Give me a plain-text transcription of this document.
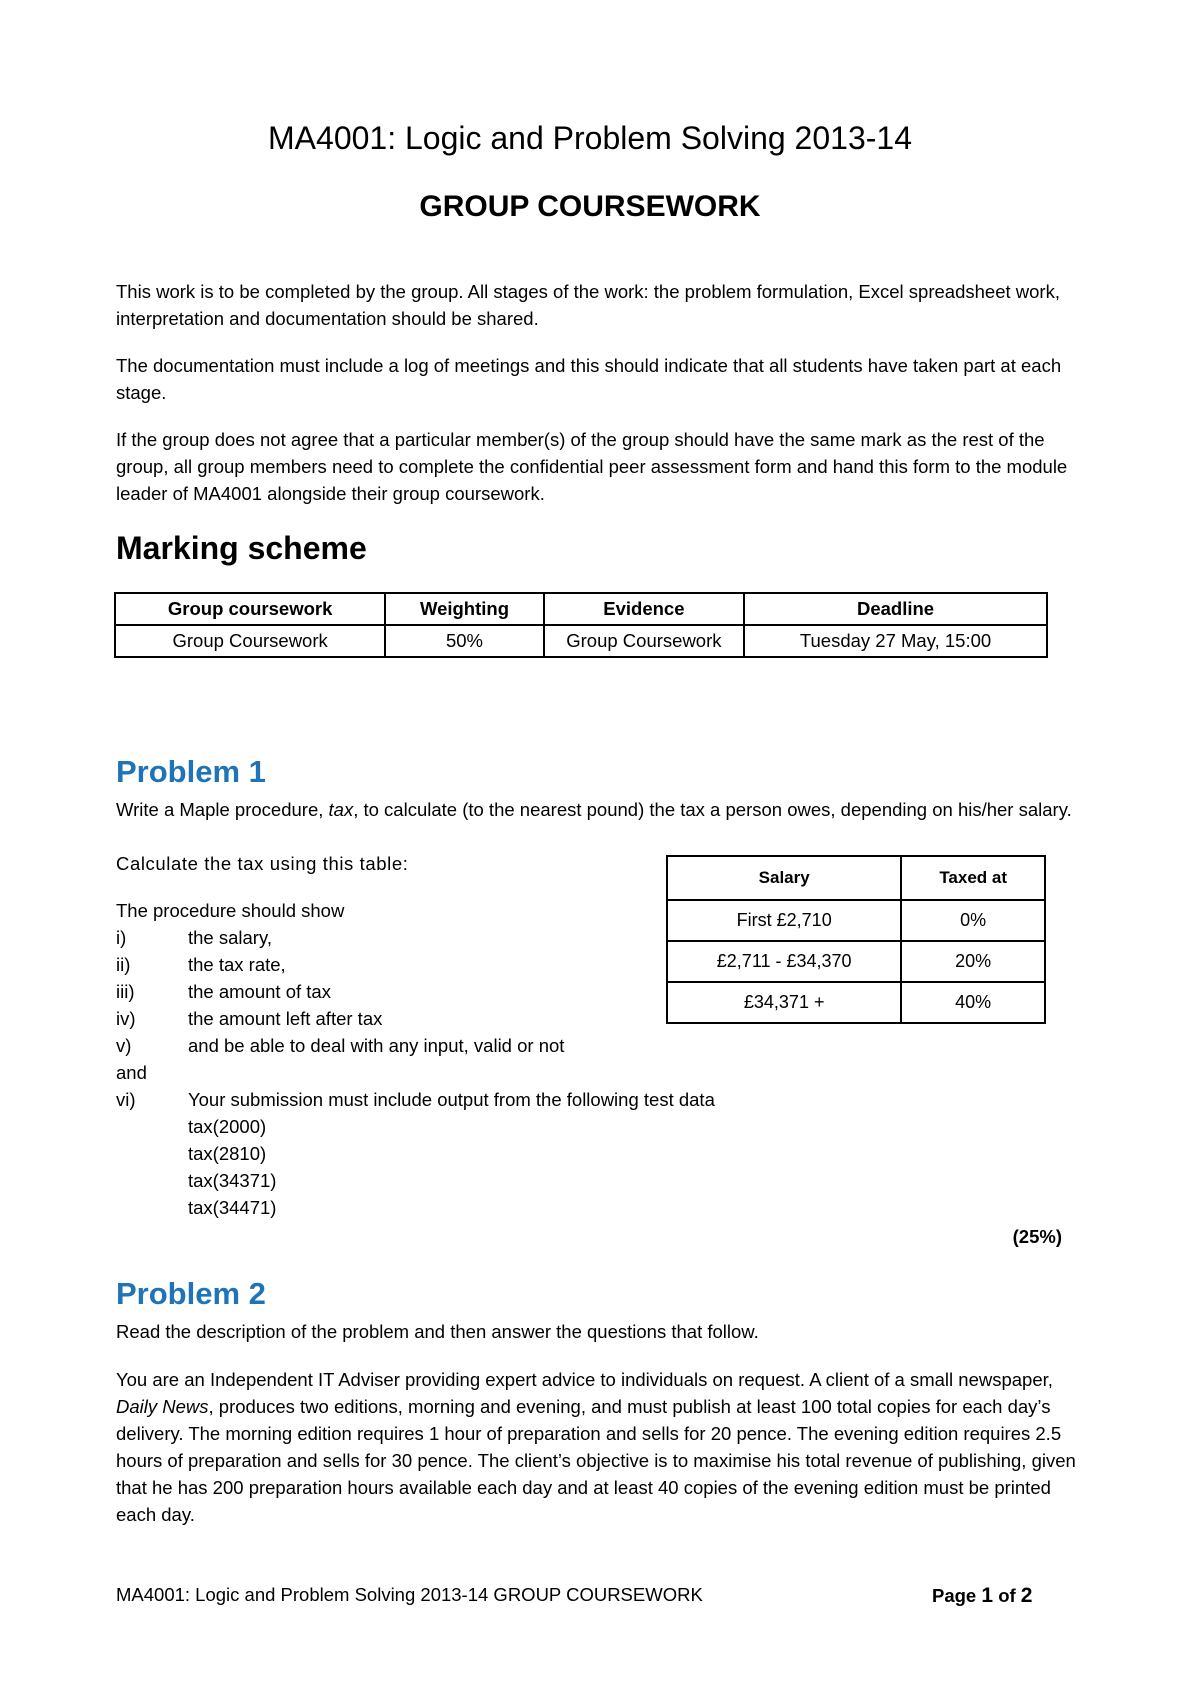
MA4001: Logic and Problem Solving 2013-14
GROUP COURSEWORK
This work is to be completed by the group. All stages of the work: the problem formulation, Excel spreadsheet work, interpretation and documentation should be shared.
The documentation must include a log of meetings and this should indicate that all students have taken part at each stage.
If the group does not agree that a particular member(s) of the group should have the same mark as the rest of the group, all group members need to complete the confidential peer assessment form and hand this form to the module leader of MA4001 alongside their group coursework.
Marking scheme
Group coursework	Weighting	Evidence	Deadline
Group Coursework	50%	Group Coursework	Tuesday 27 May, 15:00
Problem 1
Write a Maple procedure, tax, to calculate (to the nearest pound) the tax a person owes, depending on his/her salary.
Calculate the tax using this table:
The procedure should show
i)	the salary,
ii)	the tax rate,
iii)	the amount of tax
iv)	the amount left after tax
v)	and be able to deal with any input, valid or not
and
vi)	Your submission must include output from the following test data
tax(2000)
tax(2810)
tax(34371)
tax(34471)
(25%)
Salary	Taxed at
First £2,710	0%
£2,711 - £34,370	20%
£34,371 +	40%
Problem 2
Read the description of the problem and then answer the questions that follow.
You are an Independent IT Adviser providing expert advice to individuals on request. A client of a small newspaper, Daily News, produces two editions, morning and evening, and must publish at least 100 total copies for each day’s delivery. The morning edition requires 1 hour of preparation and sells for 20 pence. The evening edition requires 2.5 hours of preparation and sells for 30 pence. The client’s objective is to maximise his total revenue of publishing, given that he has 200 preparation hours available each day and at least 40 copies of the evening edition must be printed each day.
MA4001: Logic and Problem Solving 2013-14 GROUP COURSEWORK	Page 1 of 2
